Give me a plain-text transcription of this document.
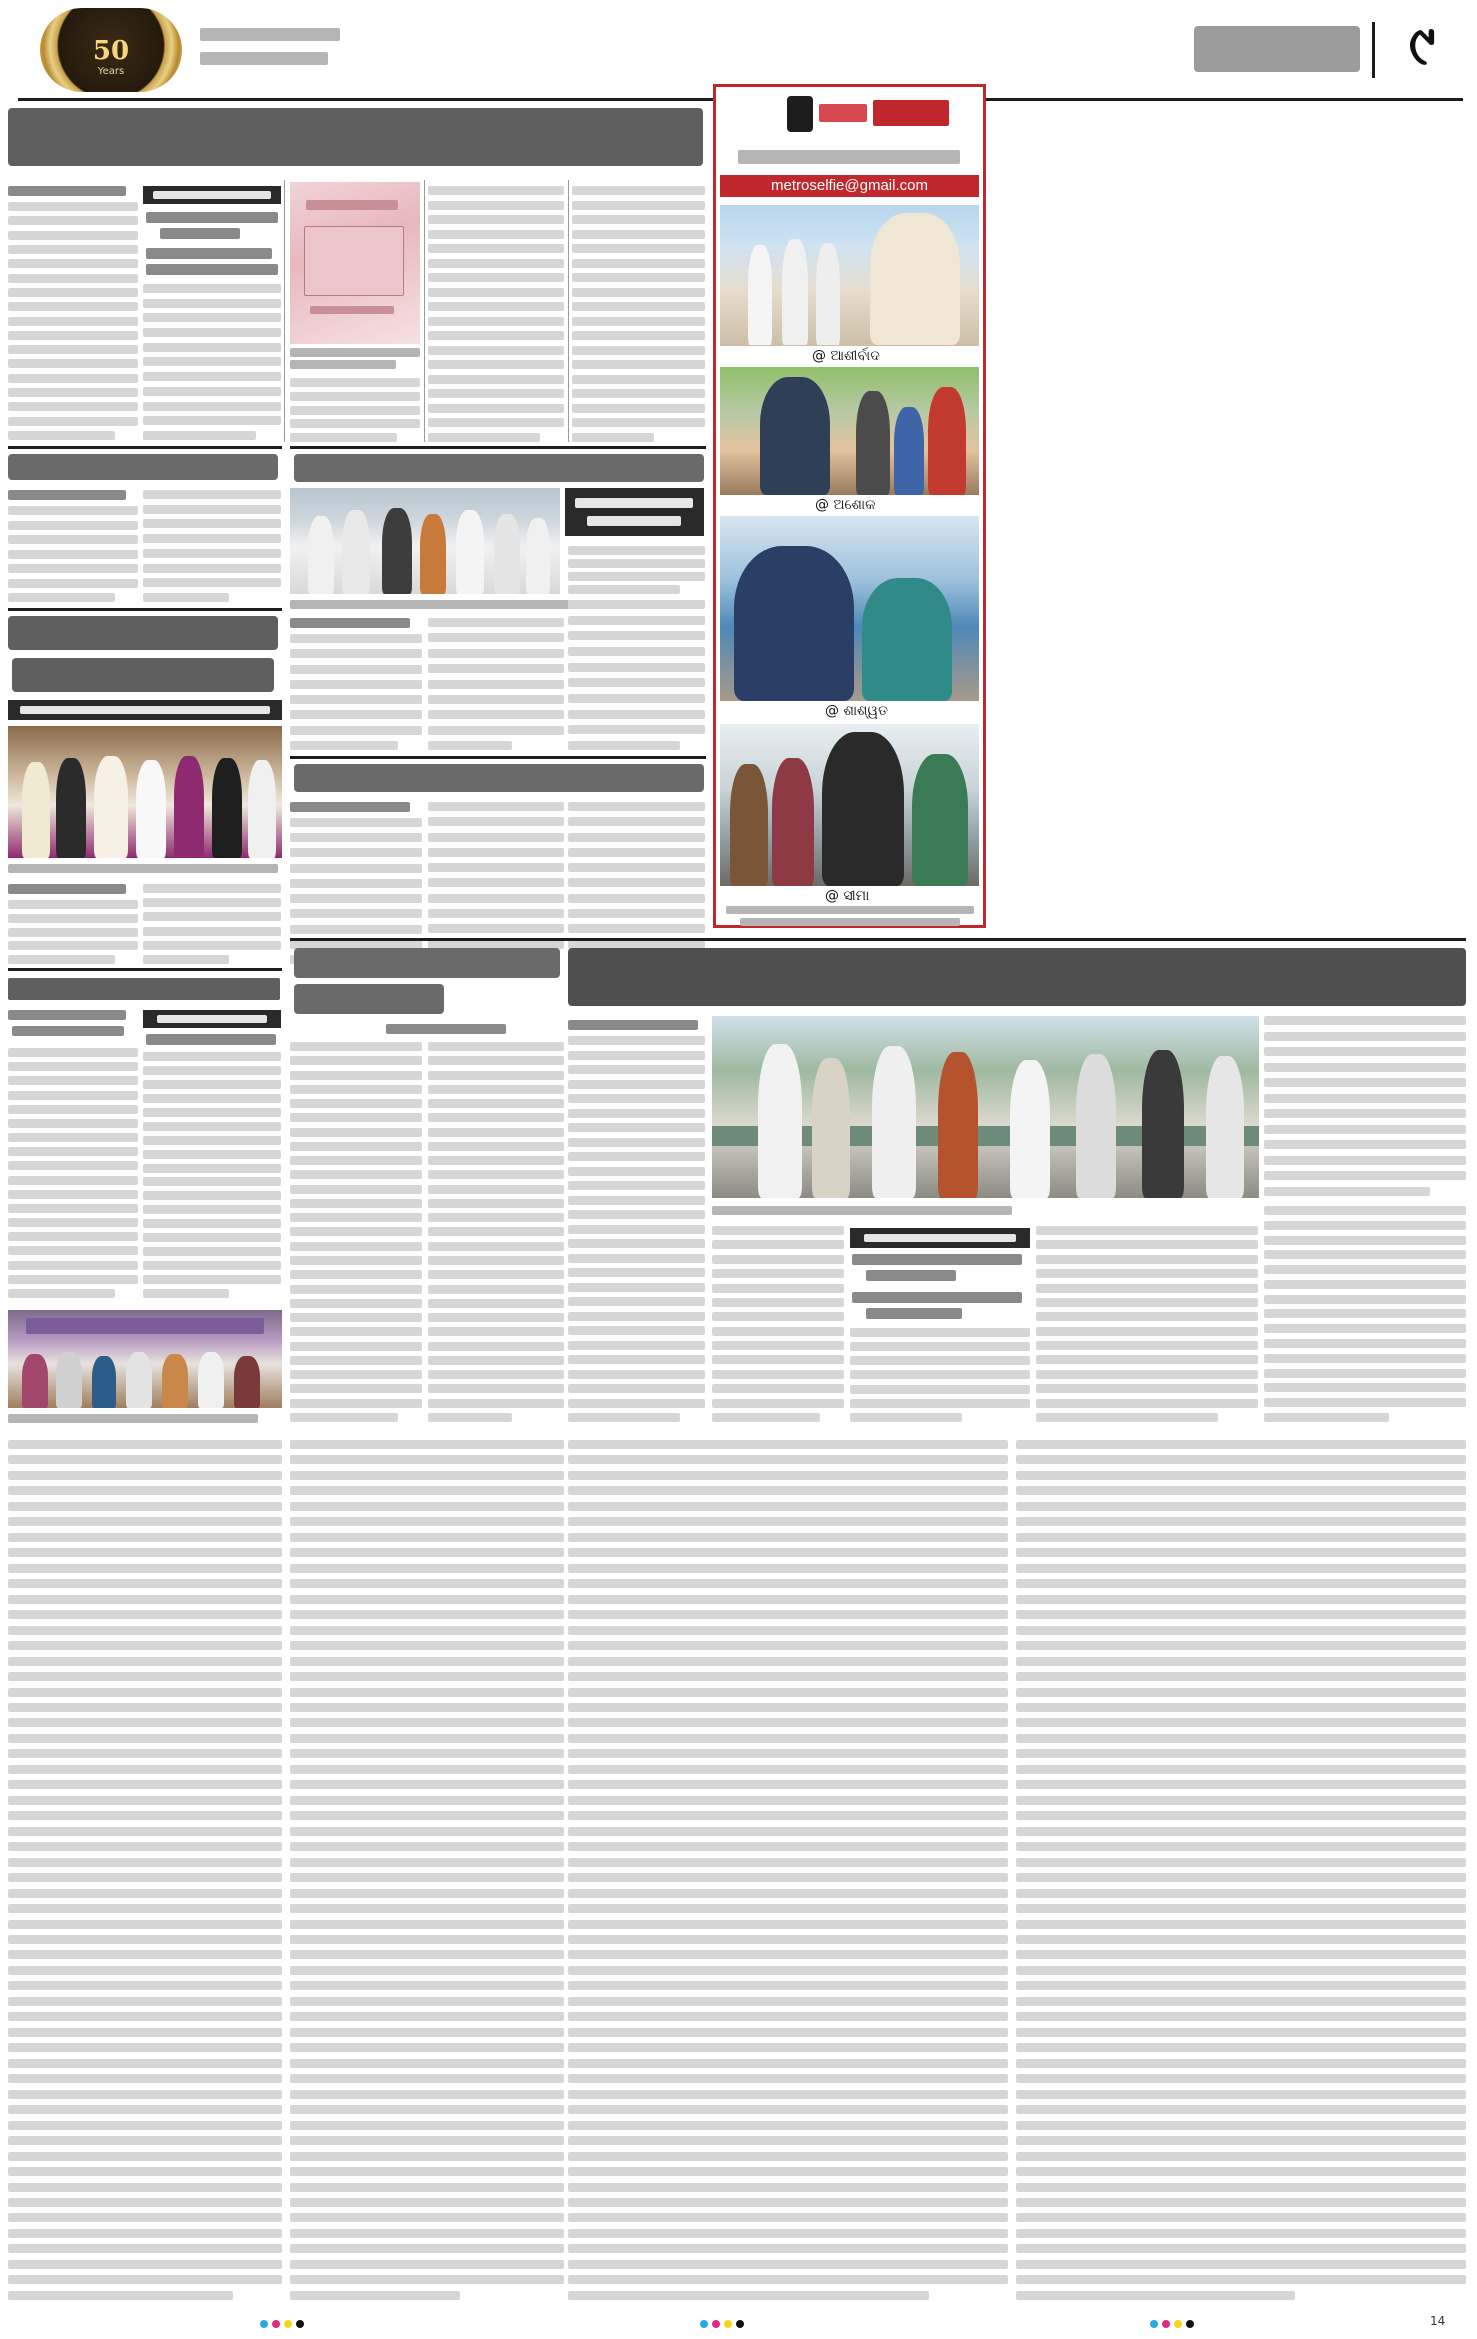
50
Years	୯
metroselfie@gmail.com
@ ଆଶୀର୍ବାଦ
@ ଅଶୋକ
@ ଶାଶ୍ୱତ
@ ସୀମା
14
